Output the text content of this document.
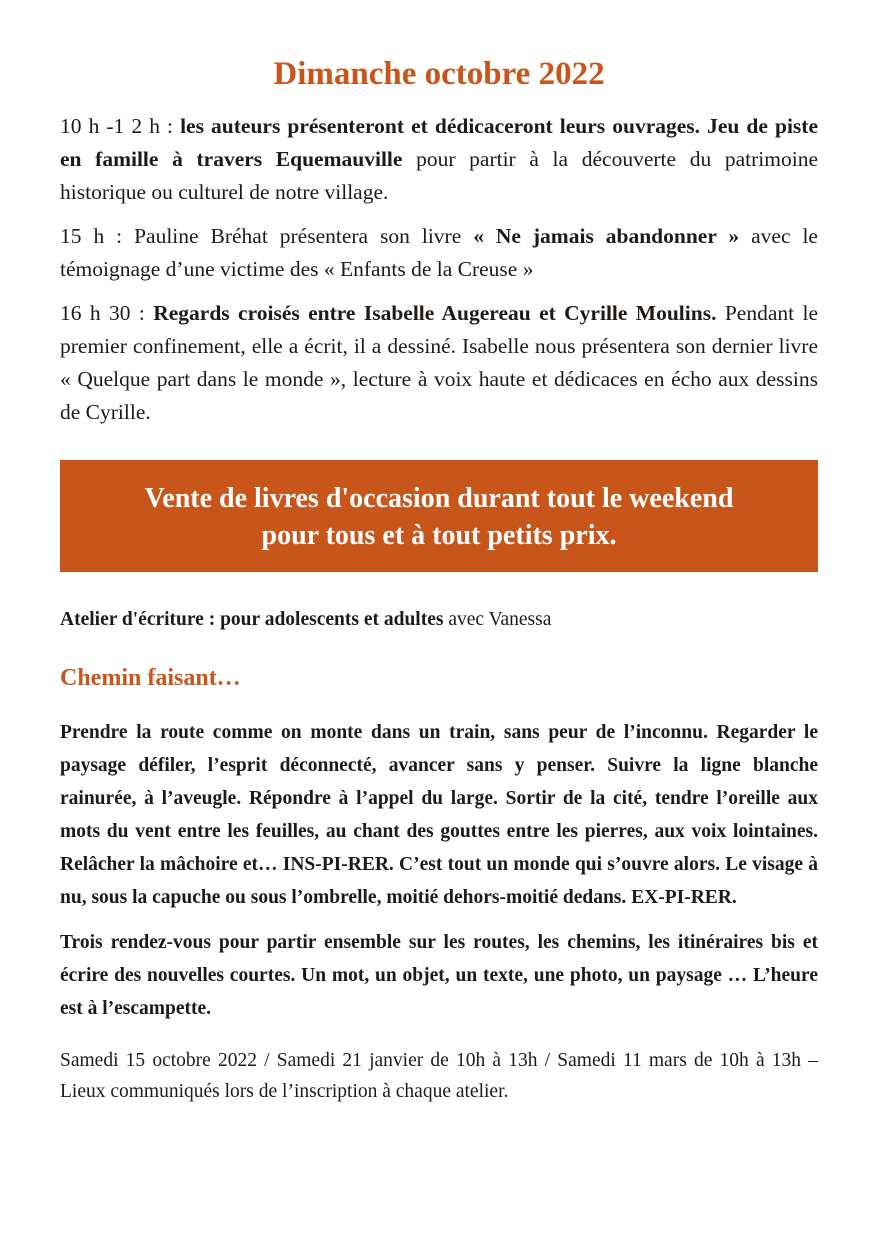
Dimanche octobre 2022

10 h -1 2 h : les auteurs présenteront et dédicaceront leurs ouvrages. Jeu de piste en famille à travers Equemauville pour partir à la découverte du patrimoine historique ou culturel de notre village.

15 h : Pauline Bréhat présentera son livre « Ne jamais abandonner » avec le témoignage d’une victime des « Enfants de la Creuse »

16 h 30 : Regards croisés entre Isabelle Augereau et Cyrille Moulins. Pendant le premier confinement, elle a écrit, il a dessiné. Isabelle nous présentera son dernier livre « Quelque part dans le monde », lecture à voix haute et dédicaces en écho aux dessins de Cyrille.

Vente de livres d'occasion durant tout le weekend
pour tous et à tout petits prix.

Atelier d'écriture : pour adolescents et adultes avec Vanessa

Chemin faisant…

Prendre la route comme on monte dans un train, sans peur de l’inconnu. Regarder le paysage défiler, l’esprit déconnecté, avancer sans y penser. Suivre la ligne blanche rainurée, à l’aveugle. Répondre à l’appel du large. Sortir de la cité, tendre l’oreille aux mots du vent entre les feuilles, au chant des gouttes entre les pierres, aux voix lointaines. Relâcher la mâchoire et… INS-PI-RER. C’est tout un monde qui s’ouvre alors. Le visage à nu, sous la capuche ou sous l’ombrelle, moitié dehors-moitié dedans. EX-PI-RER.

Trois rendez-vous pour partir ensemble sur les routes, les chemins, les itinéraires bis et écrire des nouvelles courtes. Un mot, un objet, un texte, une photo, un paysage … L’heure est à l’escampette.

Samedi 15 octobre 2022 / Samedi 21 janvier de 10h à 13h / Samedi 11 mars de 10h à 13h – Lieux communiqués lors de l’inscription à chaque atelier.
